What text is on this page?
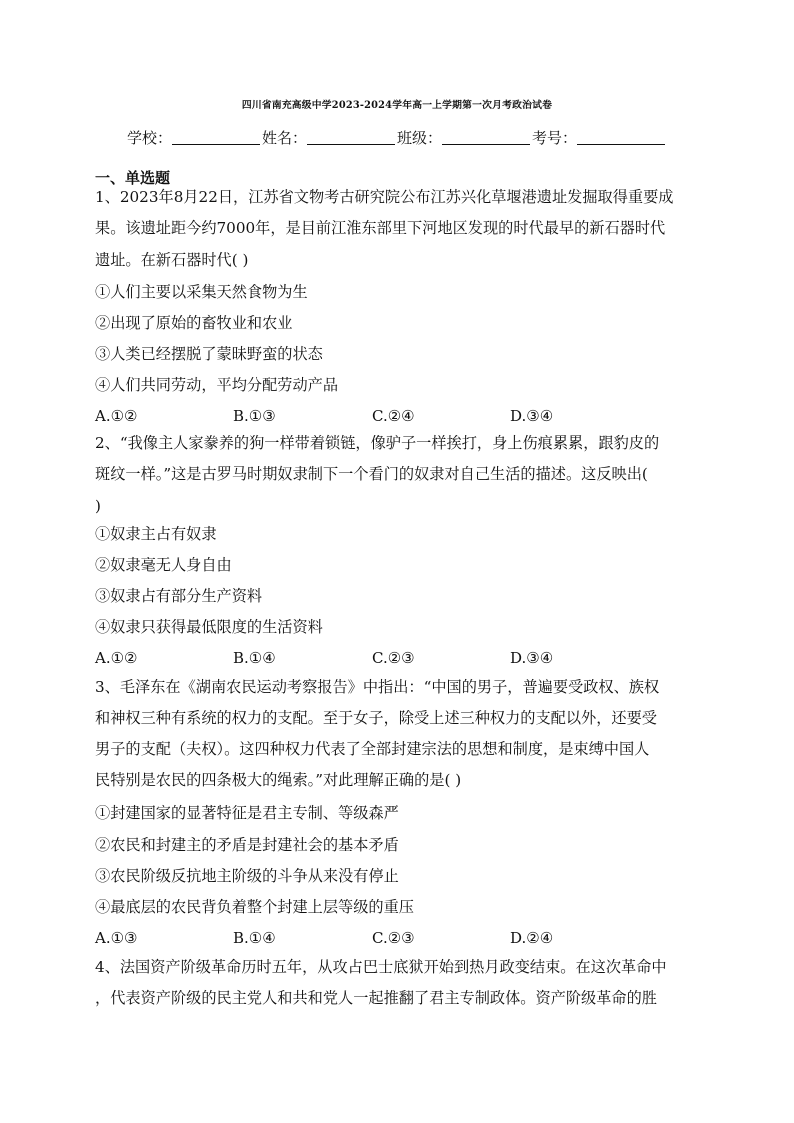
四川省南充高级中学2023-2024学年高一上学期第一次月考政治试卷
学校：	姓名：	班级：	考号：
一、单选题
1、2023年8月22日，江苏省文物考古研究院公布江苏兴化草堰港遗址发掘取得重要成
果。该遗址距今约7000年，是目前江淮东部里下河地区发现的时代最早的新石器时代
遗址。在新石器时代( )
①人们主要以采集天然食物为生
②出现了原始的畜牧业和农业
③人类已经摆脱了蒙昧野蛮的状态
④人们共同劳动，平均分配劳动产品
A.①②	B.①③	C.②④	D.③④
2、“我像主人家豢养的狗一样带着锁链，像驴子一样挨打，身上伤痕累累，跟豹皮的
斑纹一样。”这是古罗马时期奴隶制下一个看门的奴隶对自己生活的描述。这反映出(
)
①奴隶主占有奴隶
②奴隶毫无人身自由
③奴隶占有部分生产资料
④奴隶只获得最低限度的生活资料
A.①②	B.①④	C.②③	D.③④
3、毛泽东在《湖南农民运动考察报告》中指出：“中国的男子，普遍要受政权、族权
和神权三种有系统的权力的支配。至于女子，除受上述三种权力的支配以外，还要受
男子的支配（夫权）。这四种权力代表了全部封建宗法的思想和制度，是束缚中国人
民特别是农民的四条极大的绳索。”对此理解正确的是( )
①封建国家的显著特征是君主专制、等级森严
②农民和封建主的矛盾是封建社会的基本矛盾
③农民阶级反抗地主阶级的斗争从来没有停止
④最底层的农民背负着整个封建上层等级的重压
A.①③	B.①④	C.②③	D.②④
4、法国资产阶级革命历时五年，从攻占巴士底狱开始到热月政变结束。在这次革命中
，代表资产阶级的民主党人和共和党人一起推翻了君主专制政体。资产阶级革命的胜
